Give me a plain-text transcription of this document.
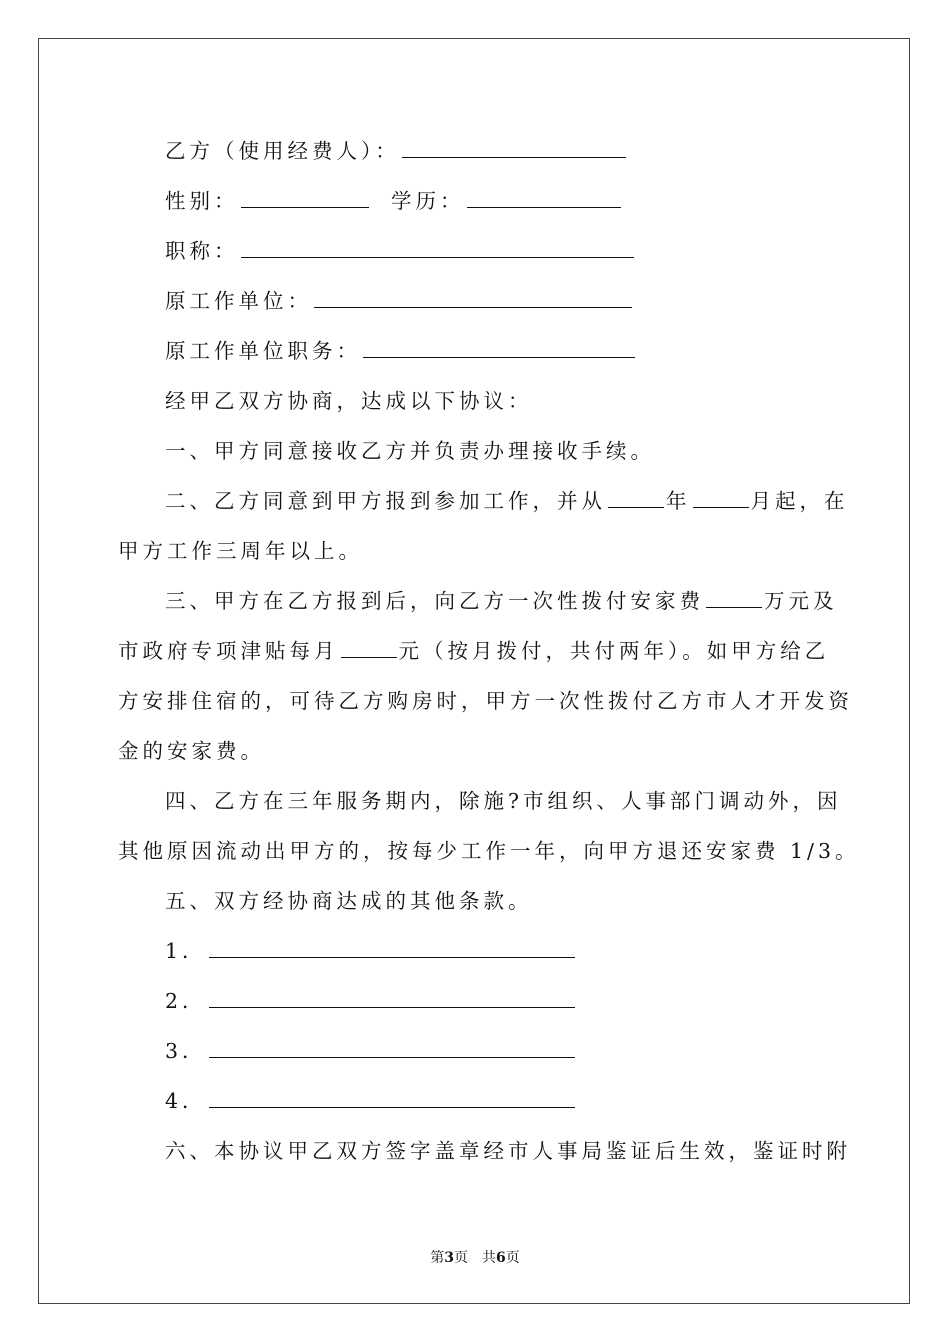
乙方（使用经费人）：
性别：	学历：
职称：
原工作单位：
原工作单位职务：
经甲乙双方协商，达成以下协议：
一、甲方同意接收乙方并负责办理接收手续。
二、乙方同意到甲方报到参加工作，并从	年	月起，在
甲方工作三周年以上。
三、甲方在乙方报到后，向乙方一次性拨付安家费	万元及
市政府专项津贴每月	元（按月拨付，共付两年）。如甲方给乙
方安排住宿的，可待乙方购房时，甲方一次性拨付乙方市人才开发资
金的安家费。
四、乙方在三年服务期内，除施?市组织、人事部门调动外，因
其他原因流动出甲方的，按每少工作一年，向甲方退还安家费 1/3。
五、双方经协商达成的其他条款。
1．
2．
3．
4．
六、本协议甲乙双方签字盖章经市人事局鉴证后生效，鉴证时附
第3页　共6页
